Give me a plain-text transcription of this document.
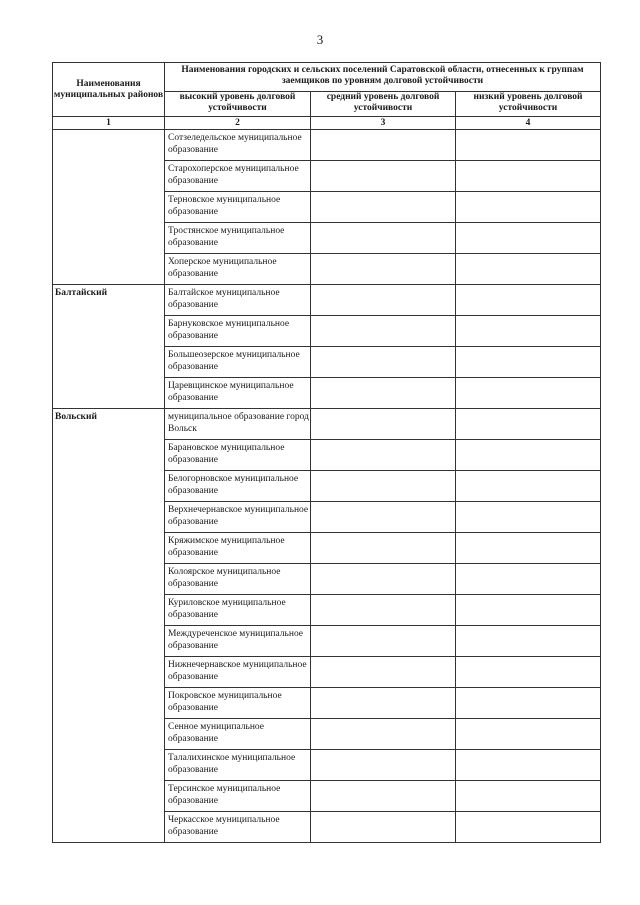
3
Наименования муниципальных районов	Наименования городских и сельских поселений Саратовской области, отнесенных к группам заемщиков по уровням долговой устойчивости		
	высокий уровень долговой устойчивости	средний уровень долговой устойчивости	низкий уровень долговой устойчивости
1	2	3	4
	Сотзеледельское муниципальное образование		
	Старохоперское муниципальное образование		
	Терновское муниципальное образование		
	Тростянское муниципальное образование		
	Хоперское муниципальное образование		
Балтайский	Балтайское муниципальное образование		
	Барнуковское муниципальное образование		
	Большеозерское муниципальное образование		
	Царевщинское муниципальное образование		
Вольский	муниципальное образование город Вольск		
	Барановское муниципальное образование		
	Белогорновское муниципальное образование		
	Верхнечернавское муниципальное образование		
	Кряжимское муниципальное образование		
	Колоярское муниципальное образование		
	Куриловское муниципальное образование		
	Междуреченское муниципальное образование		
	Нижнечернавское муниципальное образование		
	Покровское муниципальное образование		
	Сенное муниципальное образование		
	Талалихинское муниципальное образование		
	Терсинское муниципальное образование		
	Черкасское муниципальное образование		
